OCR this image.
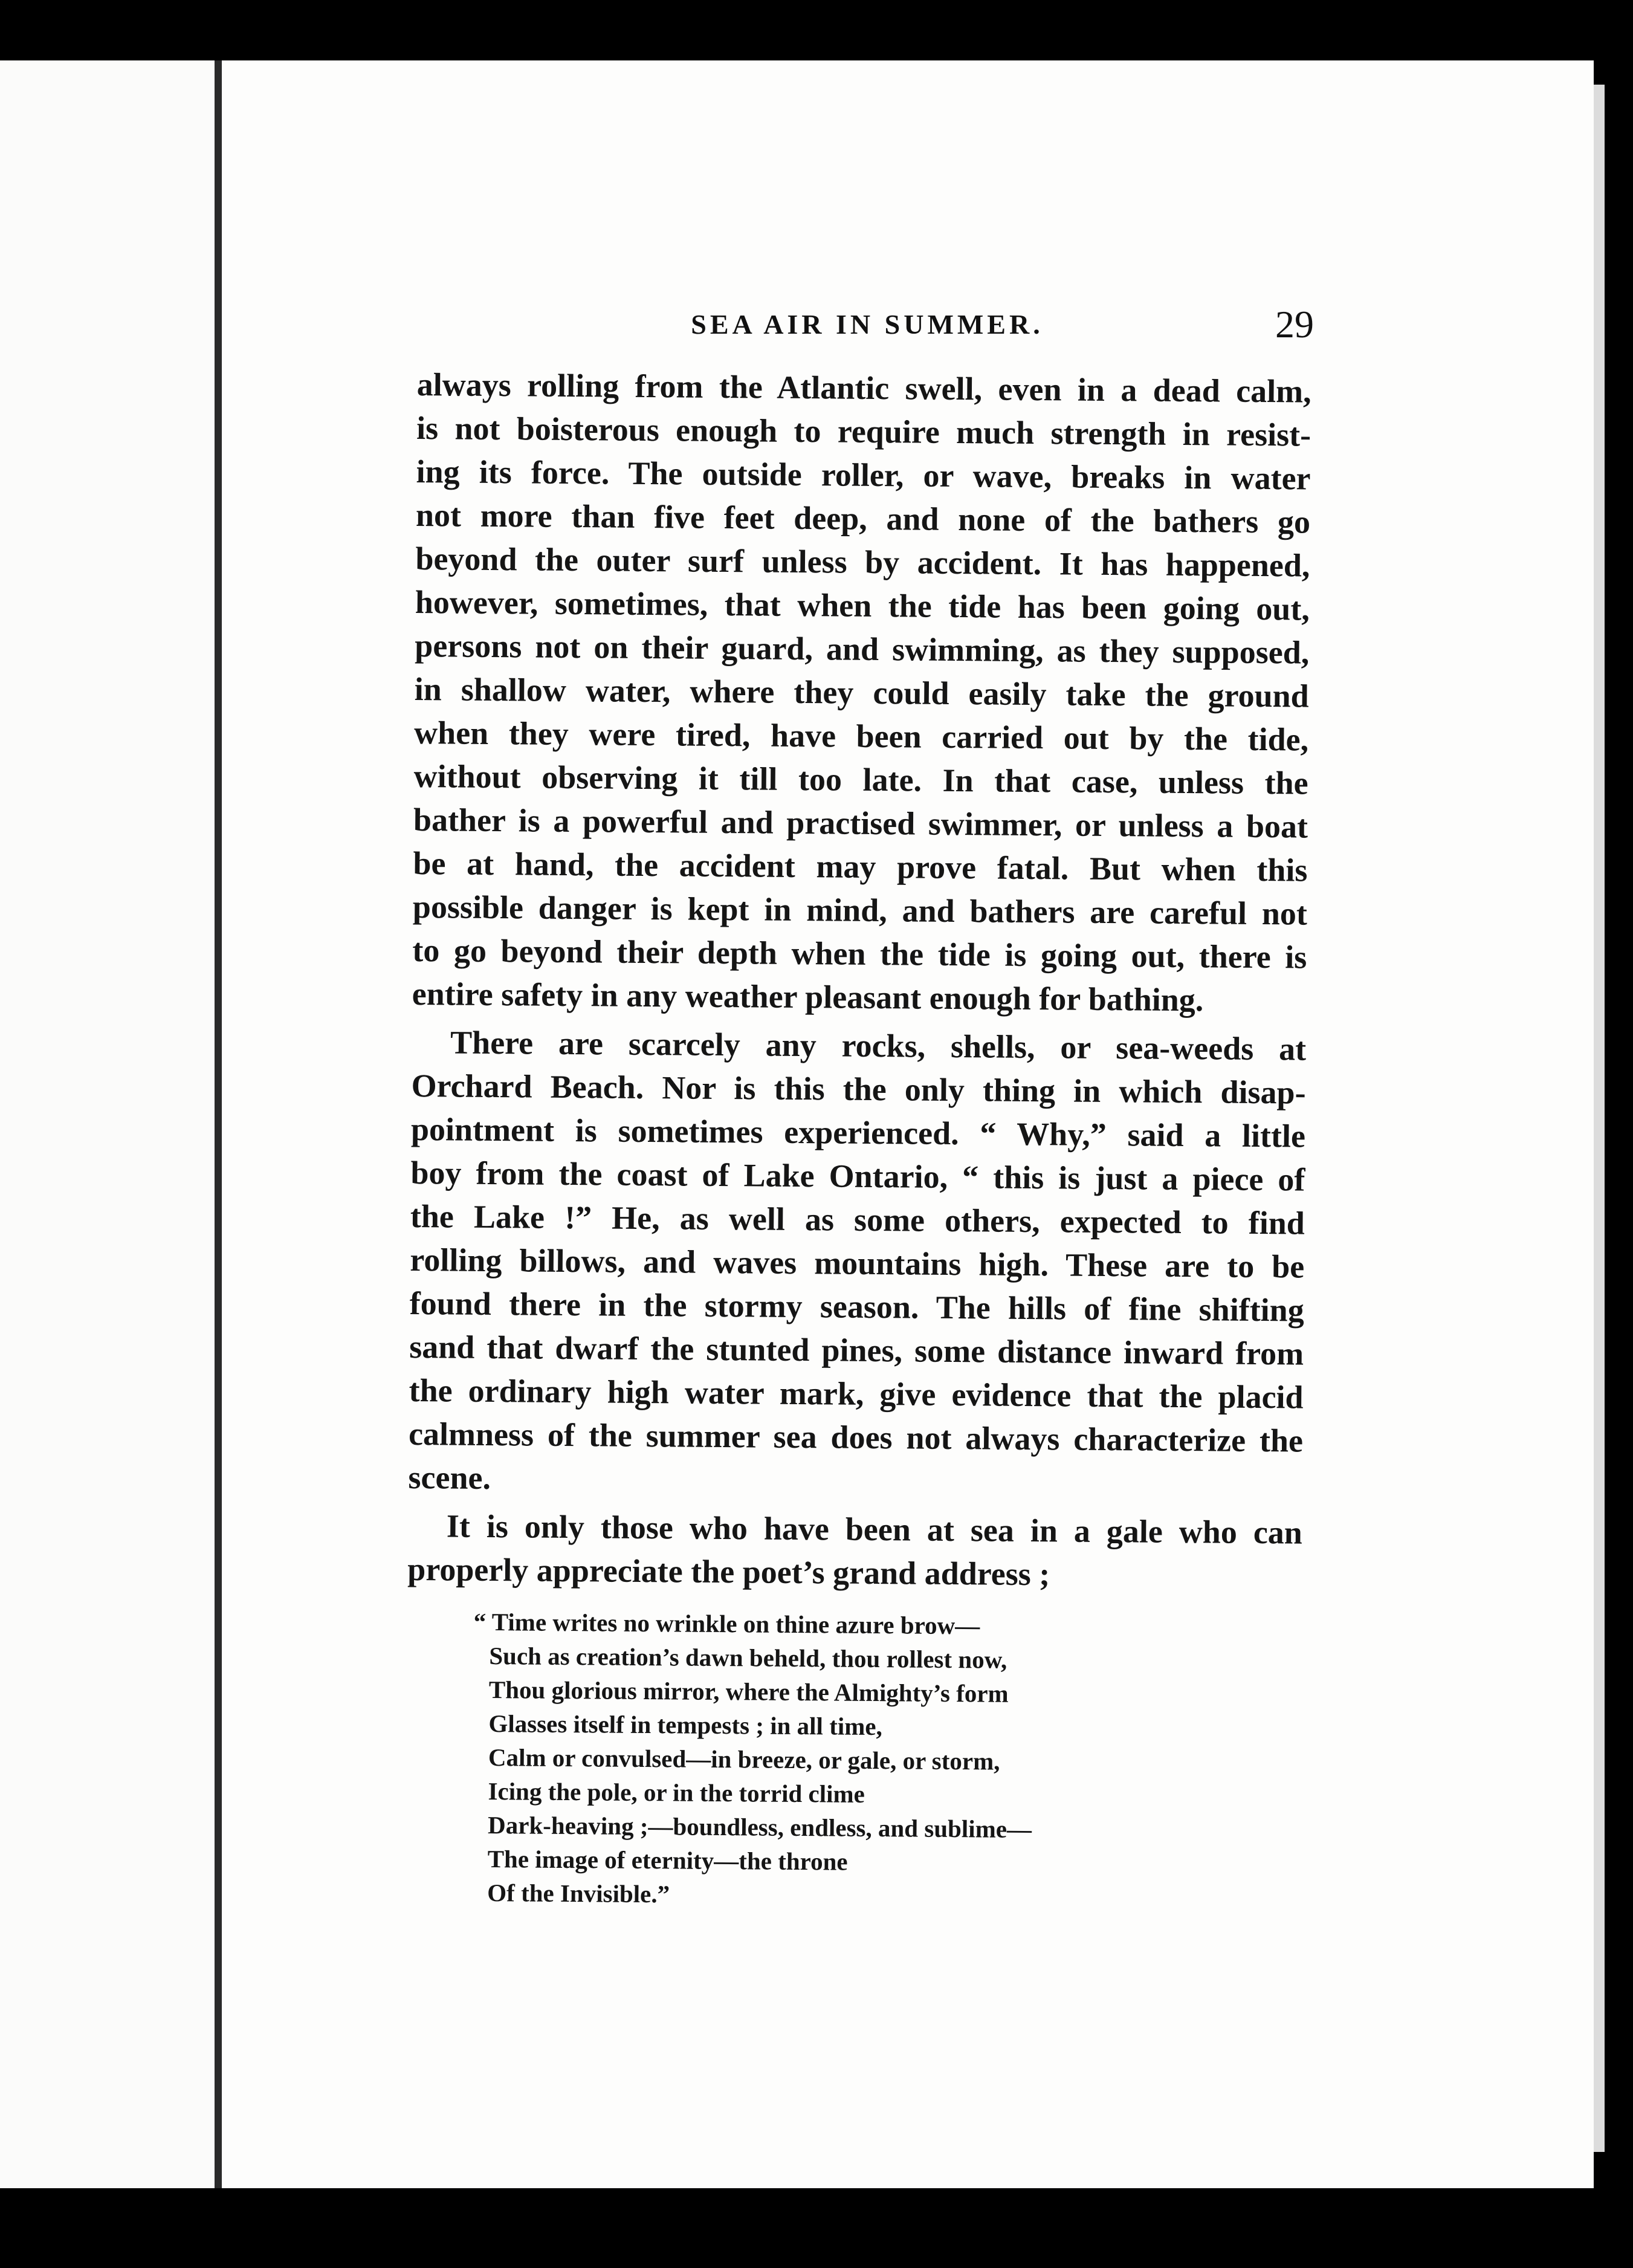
SEA AIR IN SUMMER.	29
always rolling from the Atlantic swell, even in a dead calm,
is not boisterous enough to require much strength in resist-
ing its force. The outside roller, or wave, breaks in water
not more than five feet deep, and none of the bathers go
beyond the outer surf unless by accident. It has happened,
however, sometimes, that when the tide has been going out,
persons not on their guard, and swimming, as they supposed,
in shallow water, where they could easily take the ground
when they were tired, have been carried out by the tide,
without observing it till too late. In that case, unless the
bather is a powerful and practised swimmer, or unless a boat
be at hand, the accident may prove fatal. But when this
possible danger is kept in mind, and bathers are careful not
to go beyond their depth when the tide is going out, there is
entire safety in any weather pleasant enough for bathing.
There are scarcely any rocks, shells, or sea-weeds at
Orchard Beach. Nor is this the only thing in which disap-
pointment is sometimes experienced. “ Why,” said a little
boy from the coast of Lake Ontario, “ this is just a piece of
the Lake !” He, as well as some others, expected to find
rolling billows, and waves mountains high. These are to be
found there in the stormy season. The hills of fine shifting
sand that dwarf the stunted pines, some distance inward from
the ordinary high water mark, give evidence that the placid
calmness of the summer sea does not always characterize the
scene.
It is only those who have been at sea in a gale who can
properly appreciate the poet’s grand address ;
“ Time writes no wrinkle on thine azure brow—
Such as creation’s dawn beheld, thou rollest now,
Thou glorious mirror, where the Almighty’s form
Glasses itself in tempests ; in all time,
Calm or convulsed—in breeze, or gale, or storm,
Icing the pole, or in the torrid clime
Dark-heaving ;—boundless, endless, and sublime—
The image of eternity—the throne
Of the Invisible.”
